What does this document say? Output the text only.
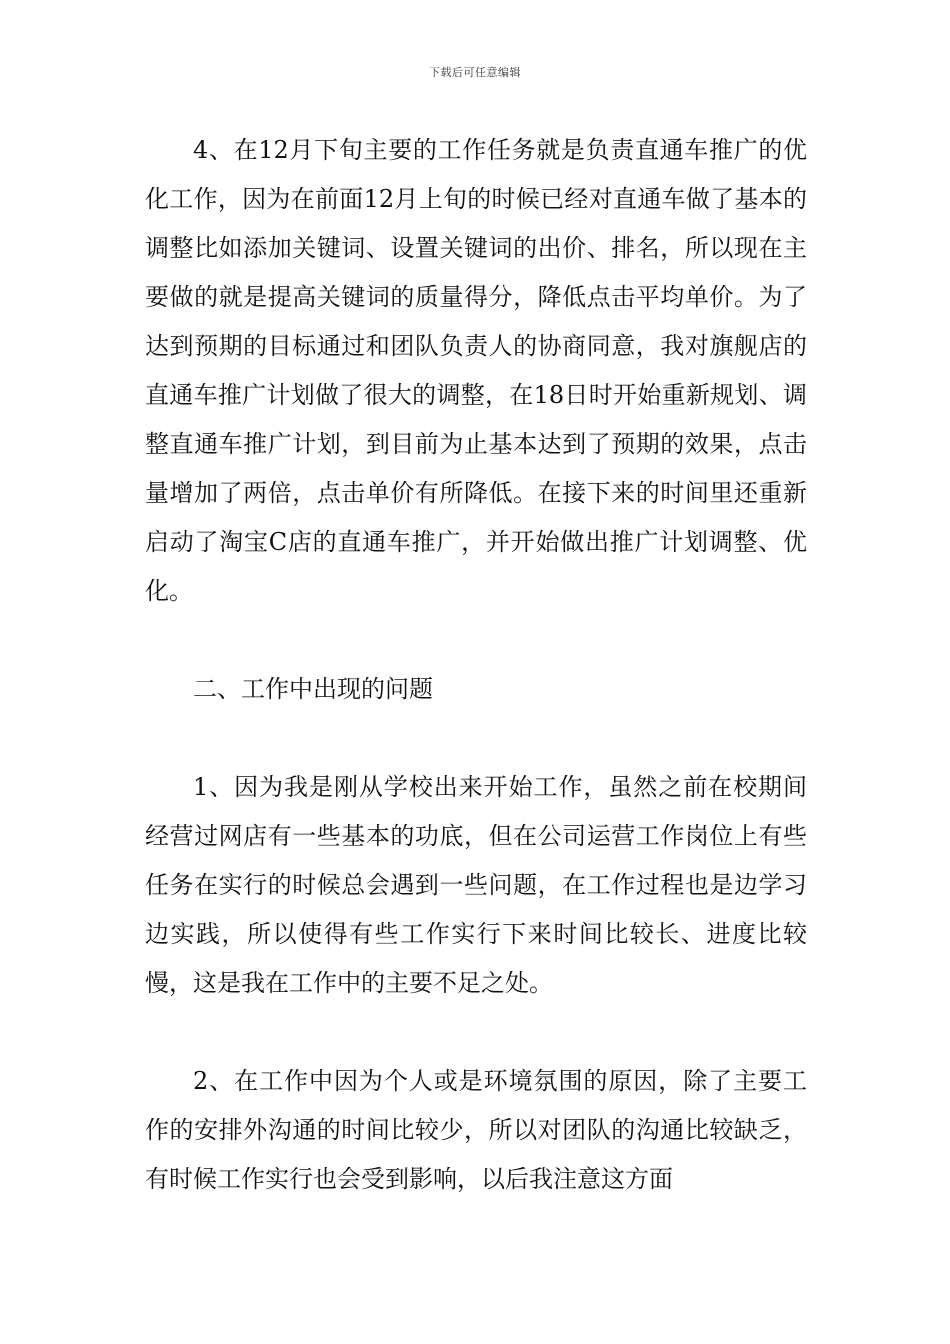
下载后可任意编辑

4、在12月下旬主要的工作任务就是负责直通车推广的优化工作，因为在前面12月上旬的时候已经对直通车做了基本的调整比如添加关键词、设置关键词的出价、排名，所以现在主要做的就是提高关键词的质量得分，降低点击平均单价。为了达到预期的目标通过和团队负责人的协商同意，我对旗舰店的直通车推广计划做了很大的调整，在18日时开始重新规划、调整直通车推广计划，到目前为止基本达到了预期的效果，点击量增加了两倍，点击单价有所降低。在接下来的时间里还重新启动了淘宝C店的直通车推广，并开始做出推广计划调整、优化。

二、工作中出现的问题

1、因为我是刚从学校出来开始工作，虽然之前在校期间经营过网店有一些基本的功底，但在公司运营工作岗位上有些任务在实行的时候总会遇到一些问题，在工作过程也是边学习边实践，所以使得有些工作实行下来时间比较长、进度比较慢，这是我在工作中的主要不足之处。

2、在工作中因为个人或是环境氛围的原因，除了主要工作的安排外沟通的时间比较少，所以对团队的沟通比较缺乏，有时候工作实行也会受到影响，以后我注意这方面
